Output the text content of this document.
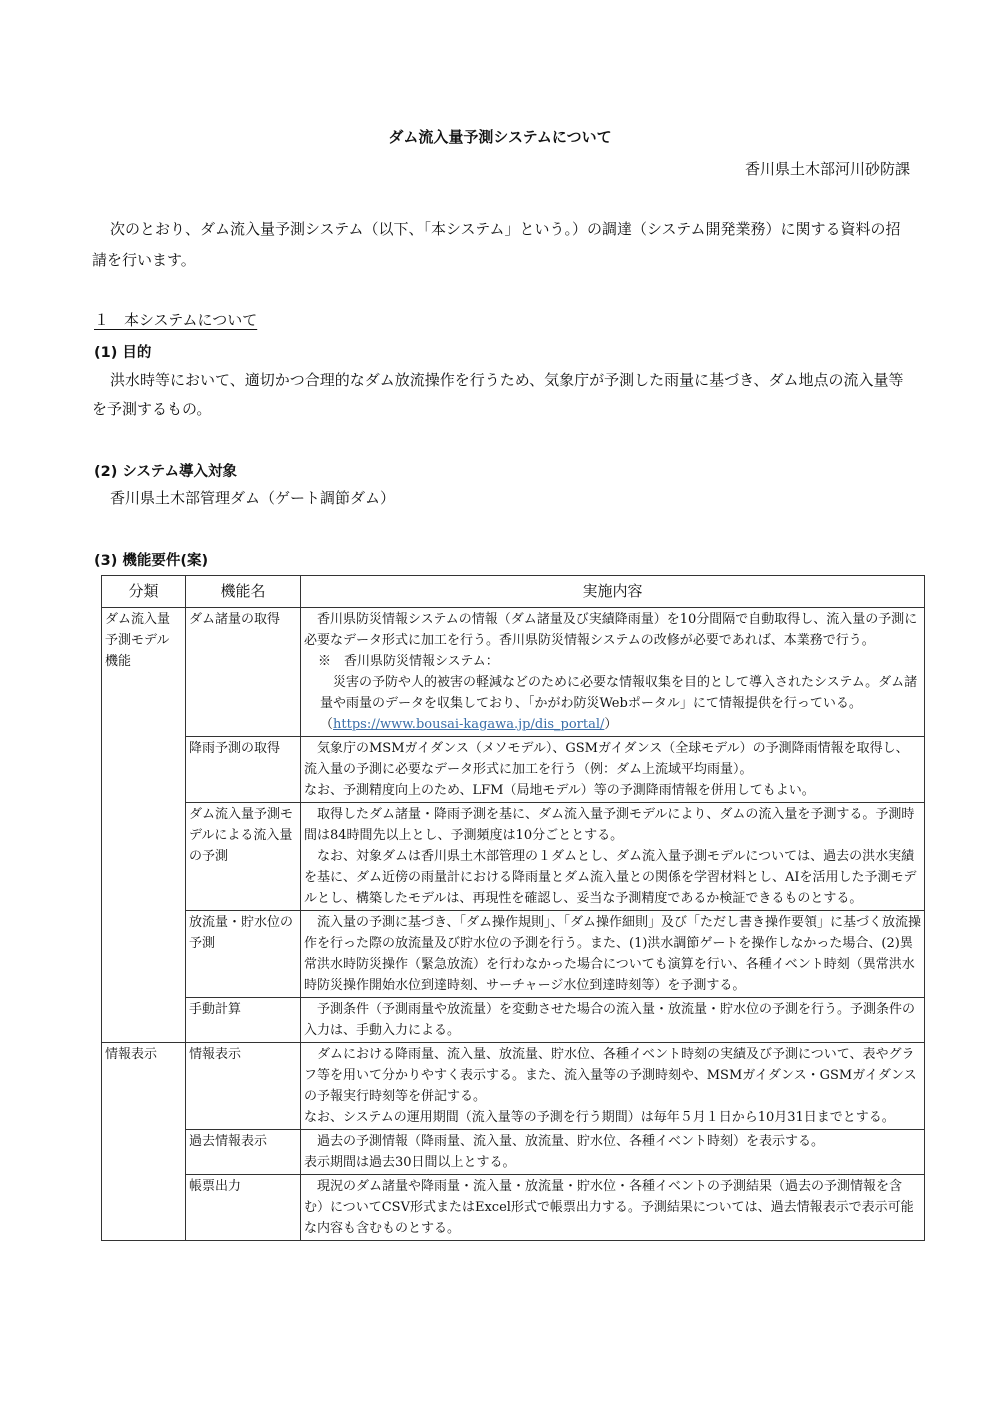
ダム流入量予測システムについて
香川県土木部河川砂防課
次のとおり、ダム流入量予測システム（以下、「本システム」という。）の調達（システム開発業務）に関する資料の招請を行います。
１　本システムについて
(1) 目的
洪水時等において、適切かつ合理的なダム放流操作を行うため、気象庁が予測した雨量に基づき、ダム地点の流入量等を予測するもの。
(2) システム導入対象
香川県土木部管理ダム（ゲート調節ダム）
(3) 機能要件(案)
分類	機能名	実施内容
ダム流入量予測モデル機能	ダム諸量の取得	香川県防災情報システムの情報（ダム諸量及び実績降雨量）を10分間隔で自動取得し、流入量の予測に必要なデータ形式に加工を行う。香川県防災情報システムの改修が必要であれば、本業務で行う。

※　香川県防災情報システム：
災害の予防や人的被害の軽減などのために必要な情報収集を目的として導入されたシステム。ダム諸量や雨量のデータを収集しており、「かがわ防災Webポータル」にて情報提供を行っている。（https://www.bousai-kagawa.jp/dis_portal/）

	降雨予測の取得	気象庁のMSMガイダンス（メソモデル）、GSMガイダンス（全球モデル）の予測降雨情報を取得し、流入量の予測に必要なデータ形式に加工を行う（例：ダム上流域平均雨量）。

なお、予測精度向上のため、LFM（局地モデル）等の予測降雨情報を併用してもよい。

	ダム流入量予測モデルによる流入量の予測	取得したダム諸量・降雨予測を基に、ダム流入量予測モデルにより、ダムの流入量を予測する。予測時間は84時間先以上とし、予測頻度は10分ごととする。

なお、対象ダムは香川県土木部管理の１ダムとし、ダム流入量予測モデルについては、過去の洪水実績を基に、ダム近傍の雨量計における降雨量とダム流入量との関係を学習材料とし、AIを活用した予測モデルとし、構築したモデルは、再現性を確認し、妥当な予測精度であるか検証できるものとする。

	放流量・貯水位の予測	流入量の予測に基づき、「ダム操作規則」、「ダム操作細則」及び「ただし書き操作要領」に基づく放流操作を行った際の放流量及び貯水位の予測を行う。また、(1)洪水調節ゲートを操作しなかった場合、(2)異常洪水時防災操作（緊急放流）を行わなかった場合についても演算を行い、各種イベント時刻（異常洪水時防災操作開始水位到達時刻、サーチャージ水位到達時刻等）を予測する。

	手動計算	予測条件（予測雨量や放流量）を変動させた場合の流入量・放流量・貯水位の予測を行う。予測条件の入力は、手動入力による。

情報表示	情報表示	ダムにおける降雨量、流入量、放流量、貯水位、各種イベント時刻の実績及び予測について、表やグラフ等を用いて分かりやすく表示する。また、流入量等の予測時刻や、MSMガイダンス・GSMガイダンスの予報実行時刻等を併記する。

なお、システムの運用期間（流入量等の予測を行う期間）は毎年５月１日から10月31日までとする。

	過去情報表示	過去の予測情報（降雨量、流入量、放流量、貯水位、各種イベント時刻）を表示する。

表示期間は過去30日間以上とする。

	帳票出力	現況のダム諸量や降雨量・流入量・放流量・貯水位・各種イベントの予測結果（過去の予測情報を含む）についてCSV形式またはExcel形式で帳票出力する。予測結果については、過去情報表示で表示可能な内容も含むものとする。
